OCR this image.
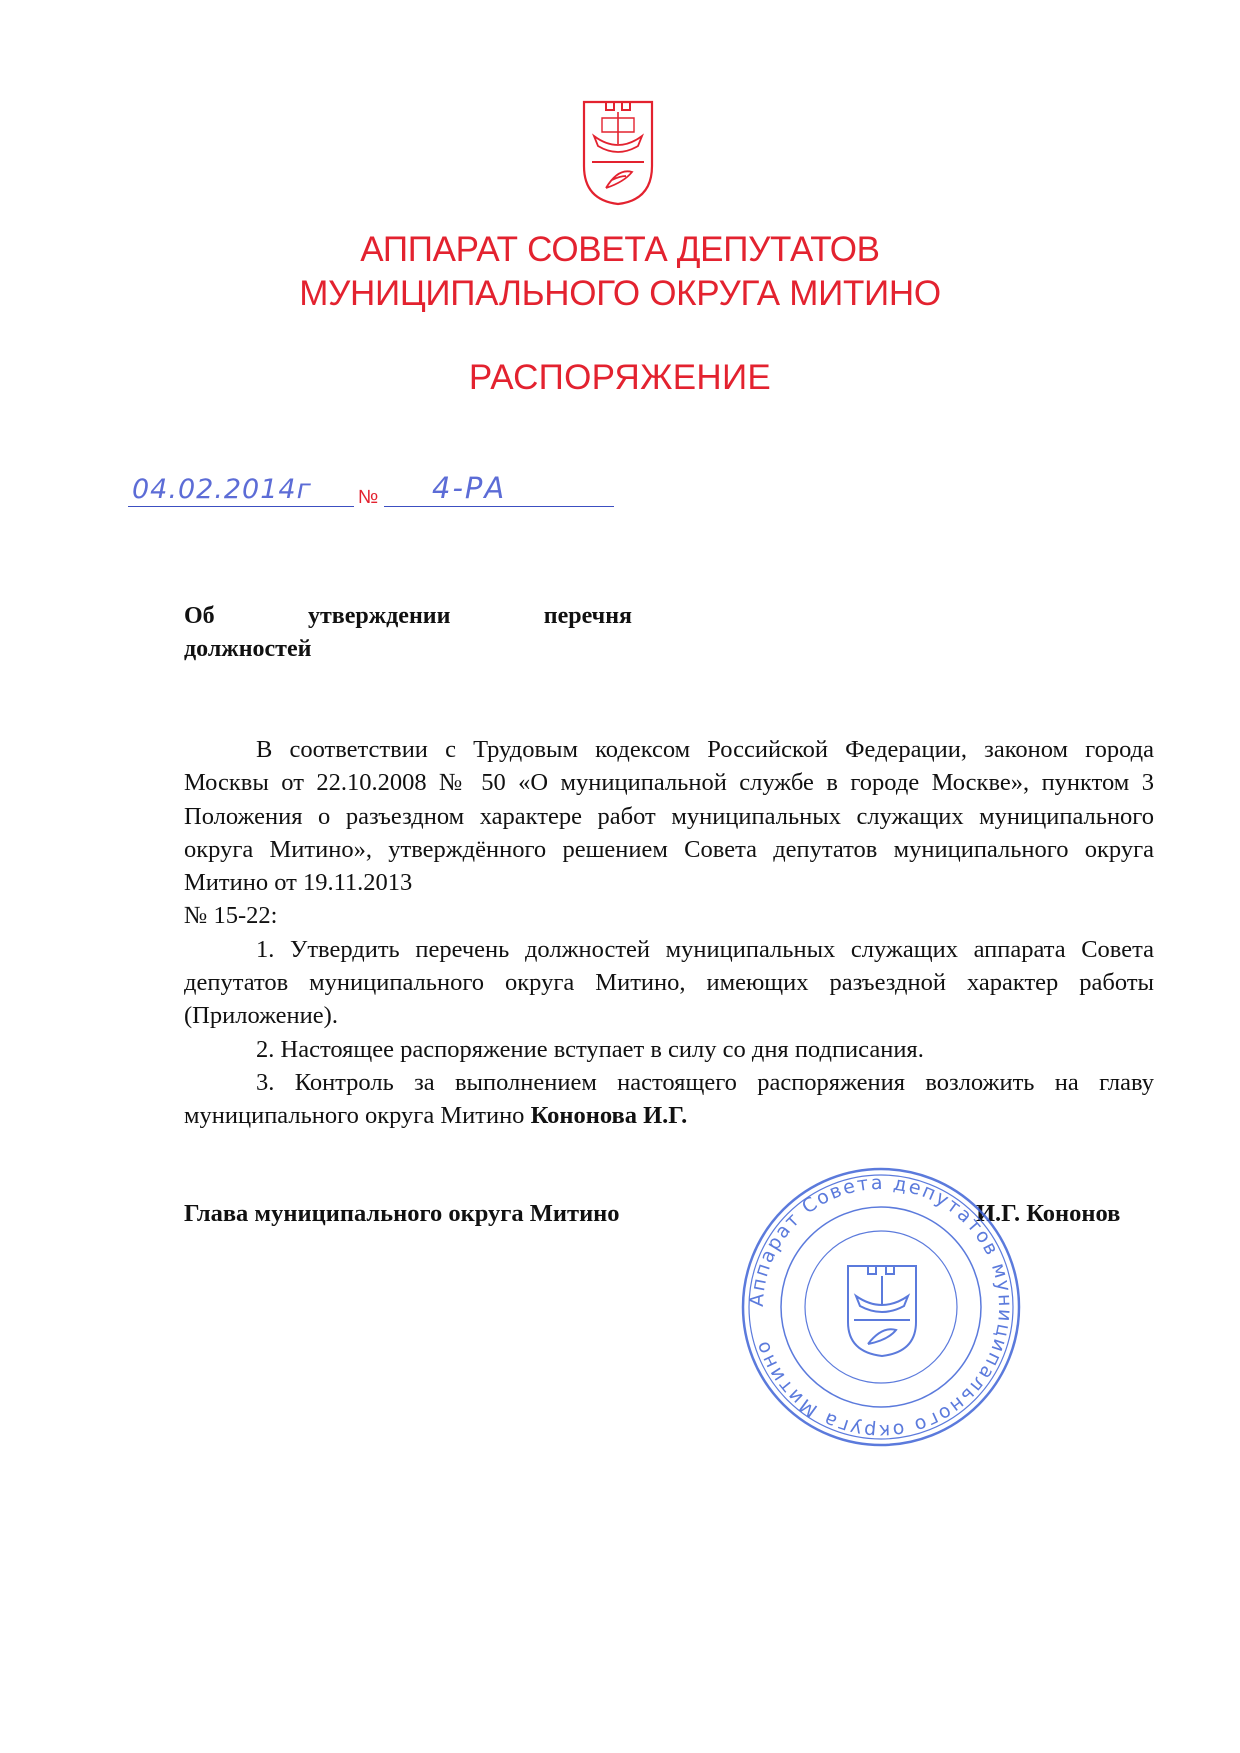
АППАРАТ СОВЕТА ДЕПУТАТОВ
МУНИЦИПАЛЬНОГО ОКРУГА МИТИНО
РАСПОРЯЖЕНИЕ
04.02.2014г № 4-РА
Об утверждении перечня
должностей

В соответствии с Трудовым кодексом Российской Федерации, законом города Москвы от 22.10.2008 № 50 «О муниципальной службе в городе Москве», пунктом 3 Положения о разъездном характере работ муниципальных служащих муниципального округа Митино», утверждённого решением Совета депутатов муниципального округа Митино от 19.11.2013

№ 15-22:

1. Утвердить перечень должностей муниципальных служащих аппарата Совета депутатов муниципального округа Митино, имеющих разъездной характер работы (Приложение).

2. Настоящее распоряжение вступает в силу со дня подписания.

3. Контроль за выполнением настоящего распоряжения возложить на главу муниципального округа Митино Кононова И.Г.

Глава муниципального округа Митино	И.Г. Кононов
Аппарат Совета депутатов муниципального округа Митино
